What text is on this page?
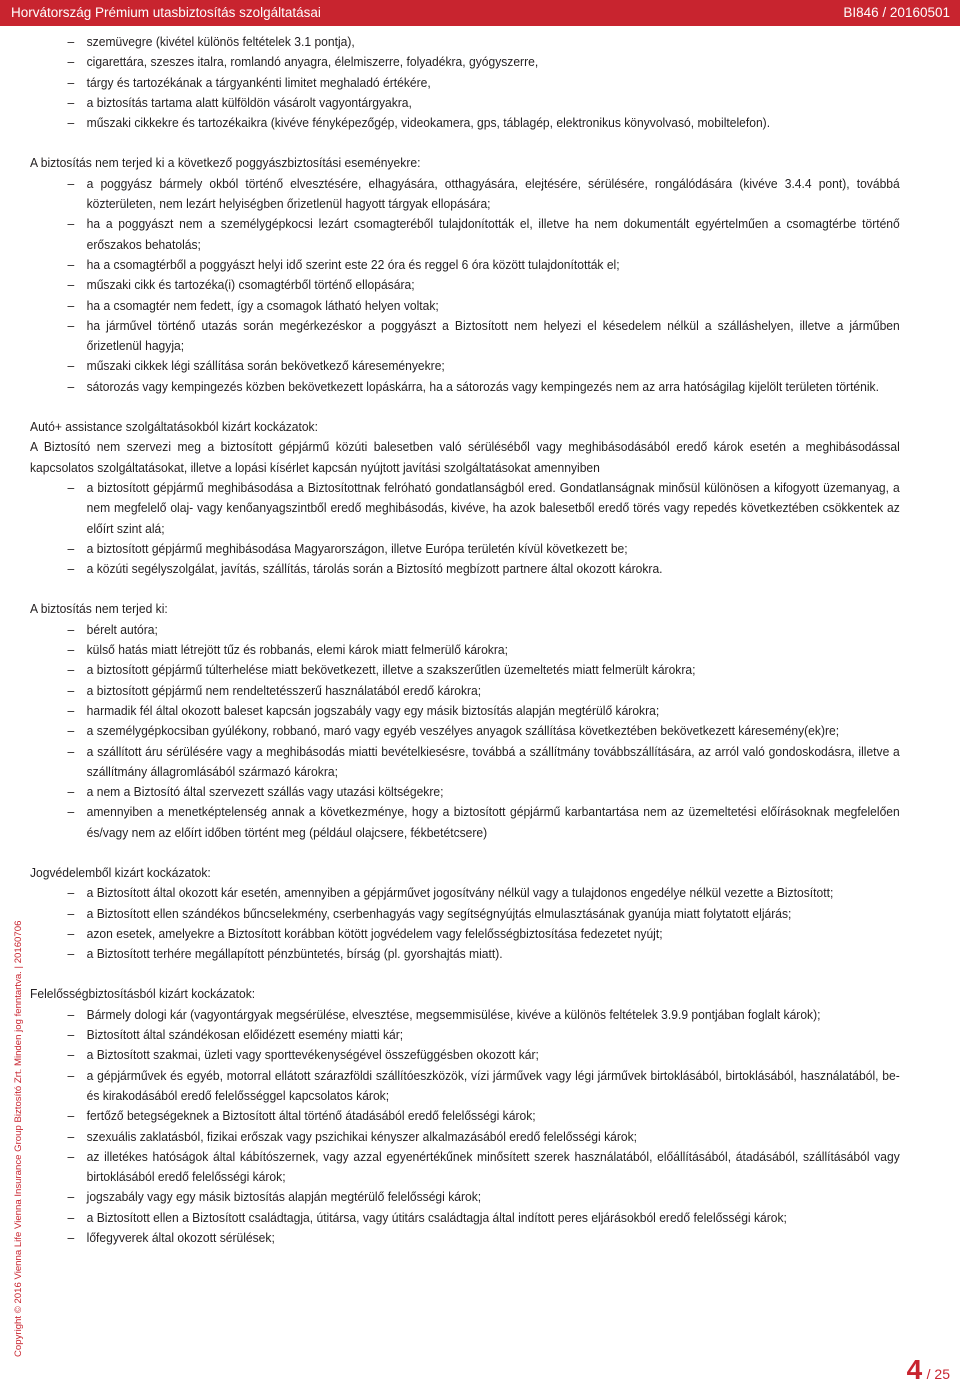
Horvátország Prémium utasbiztosítás szolgáltatásai	BI846 / 20160501
– szemüvegre (kivétel különös feltételek 3.1 pontja),
– cigarettára, szeszes italra, romlandó anyagra, élelmiszerre, folyadékra, gyógyszerre,
– tárgy és tartozékának a tárgyankénti limitet meghaladó értékére,
– a biztosítás tartama alatt külföldön vásárolt vagyontárgyakra,
– műszaki cikkekre és tartozékaikra (kivéve fényképezőgép, videokamera, gps, táblagép, elektronikus könyvolvasó, mobiltelefon).

A biztosítás nem terjed ki a következő poggyászbiztosítási eseményekre:

– a poggyász bármely okból történő elvesztésére, elhagyására, otthagyására, elejtésére, sérülésére, rongálódására (kivéve 3.4.4 pont), továbbá közterületen, nem lezárt helyiségben őrizetlenül hagyott tárgyak ellopására;
– ha a poggyászt nem a személygépkocsi lezárt csomagteréből tulajdonították el, illetve ha nem dokumentált egyértelműen a csomagtérbe történő erőszakos behatolás;
– ha a csomagtérből a poggyászt helyi idő szerint este 22 óra és reggel 6 óra között tulajdonították el;
– műszaki cikk és tartozéka(i) csomagtérből történő ellopására;
– ha a csomagtér nem fedett, így a csomagok látható helyen voltak;
– ha járművel történő utazás során megérkezéskor a poggyászt a Biztosított nem helyezi el késedelem nélkül a szálláshelyen, illetve a járműben őrizetlenül hagyja;
– műszaki cikkek légi szállítása során bekövetkező káreseményekre;
– sátorozás vagy kempingezés közben bekövetkezett lopáskárra, ha a sátorozás vagy kempingezés nem az arra hatóságilag kijelölt területen történik.

Autó+ assistance szolgáltatásokból kizárt kockázatok:

A Biztosító nem szervezi meg a biztosított gépjármű közúti balesetben való sérüléséből vagy meghibásodásából eredő károk esetén a meghibásodással kapcsolatos szolgáltatásokat, illetve a lopási kísérlet kapcsán nyújtott javítási szolgáltatásokat amennyiben

– a biztosított gépjármű meghibásodása a Biztosítottnak felróható gondatlanságból ered. Gondatlanságnak minősül különösen a kifogyott üzemanyag, a nem megfelelő olaj- vagy kenőanyagszintből eredő meghibásodás, kivéve, ha azok balesetből eredő törés vagy repedés következtében csökkentek az előírt szint alá;
– a biztosított gépjármű meghibásodása Magyarországon, illetve Európa területén kívül következett be;
– a közúti segélyszolgálat, javítás, szállítás, tárolás során a Biztosító megbízott partnere által okozott károkra.

A biztosítás nem terjed ki:

– bérelt autóra;
– külső hatás miatt létrejött tűz és robbanás, elemi károk miatt felmerülő károkra;
– a biztosított gépjármű túlterhelése miatt bekövetkezett, illetve a szakszerűtlen üzemeltetés miatt felmerült károkra;
– a biztosított gépjármű nem rendeltetésszerű használatából eredő károkra;
– harmadik fél által okozott baleset kapcsán jogszabály vagy egy másik biztosítás alapján megtérülő károkra;
– a személygépkocsiban gyúlékony, robbanó, maró vagy egyéb veszélyes anyagok szállítása következtében bekövetkezett káresemény(ek)re;
– a szállított áru sérülésére vagy a meghibásodás miatti bevételkiesésre, továbbá a szállítmány továbbszállítására, az arról való gondoskodásra, illetve a szállítmány állagromlásából származó károkra;
– a nem a Biztosító által szervezett szállás vagy utazási költségekre;
– amennyiben a menetképtelenség annak a következménye, hogy a biztosított gépjármű karbantartása nem az üzemeltetési előírásoknak megfelelően és/vagy nem az előírt időben történt meg (például olajcsere, fékbetétcsere)

Jogvédelemből kizárt kockázatok:

– a Biztosított által okozott kár esetén, amennyiben a gépjárművet jogosítvány nélkül vagy a tulajdonos engedélye nélkül vezette a Biztosított;
– a Biztosított ellen szándékos bűncselekmény, cserbenhagyás vagy segítségnyújtás elmulasztásának gyanúja miatt folytatott eljárás;
– azon esetek, amelyekre a Biztosított korábban kötött jogvédelem vagy felelősségbiztosítása fedezetet nyújt;
– a Biztosított terhére megállapított pénzbüntetés, bírság (pl. gyorshajtás miatt).

Felelősségbiztosításból kizárt kockázatok:

– Bármely dologi kár (vagyontárgyak megsérülése, elvesztése, megsemmisülése, kivéve a különös feltételek 3.9.9 pontjában foglalt károk);
– Biztosított által szándékosan előidézett esemény miatti kár;
– a Biztosított szakmai, üzleti vagy sporttevékenységével összefüggésben okozott kár;
– a gépjárművek és egyéb, motorral ellátott szárazföldi szállítóeszközök, vízi járművek vagy légi járművek birtoklásából, birtoklásából, használatából, be- és kirakodásából eredő felelősséggel kapcsolatos károk;
– fertőző betegségeknek a Biztosított által történő átadásából eredő felelősségi károk;
– szexuális zaklatásból, fizikai erőszak vagy pszichikai kényszer alkalmazásából eredő felelősségi károk;
– az illetékes hatóságok által kábítószernek, vagy azzal egyenértékűnek minősített szerek használatából, előállításából, átadásából, szállításából vagy birtoklásából eredő felelősségi károk;
– jogszabály vagy egy másik biztosítás alapján megtérülő felelősségi károk;
– a Biztosított ellen a Biztosított családtagja, útitársa, vagy útitárs családtagja által indított peres eljárásokból eredő felelősségi károk;
– lőfegyverek által okozott sérülések;
Copyright © 2016 Vienna Life Vienna Insurance Group Biztosító Zrt. Minden jog fenntartva. | 20160706
4 / 25
